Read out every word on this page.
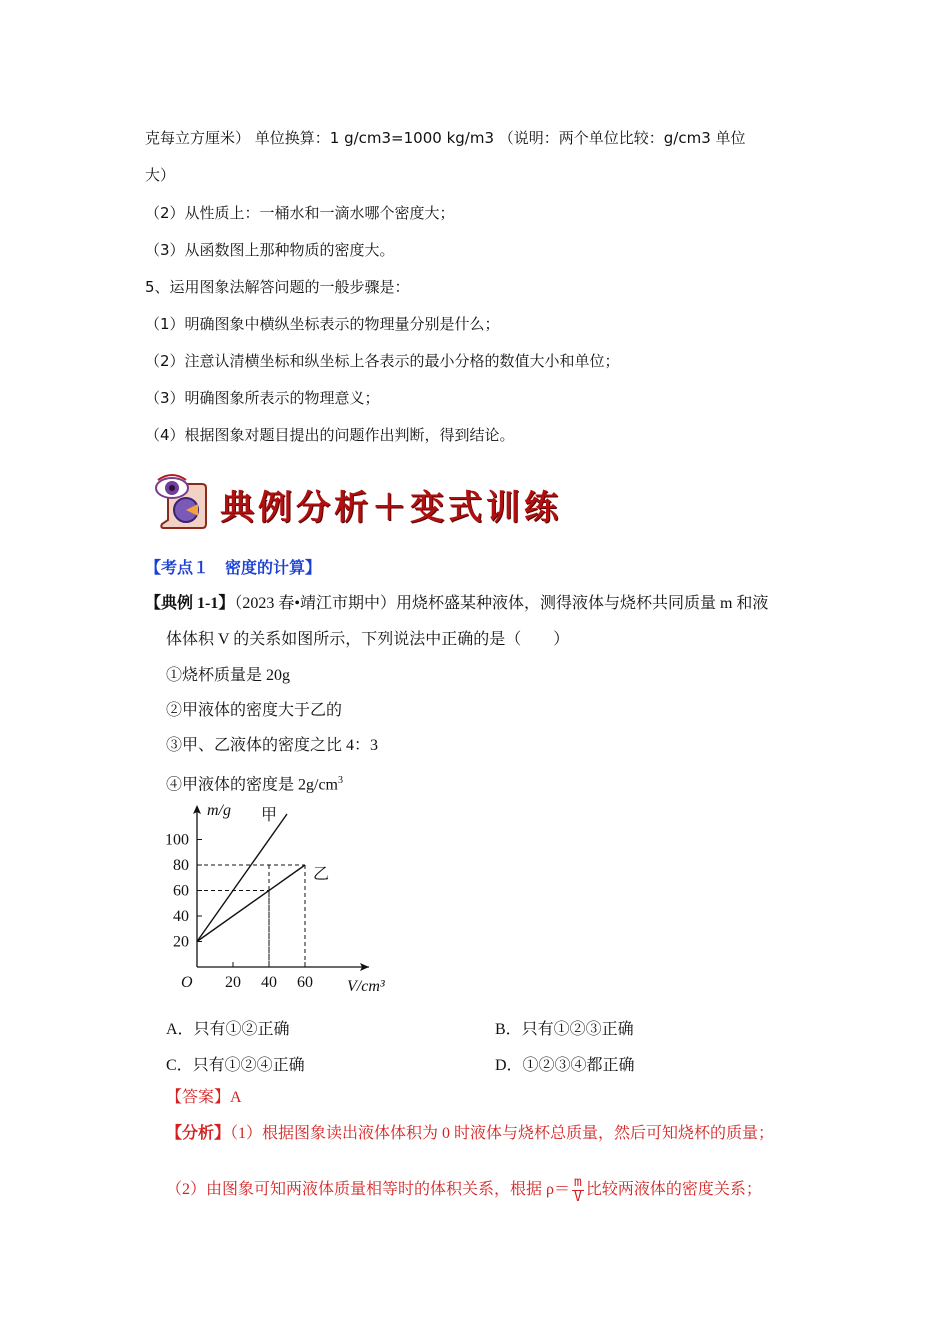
克每立方厘米） 单位换算：1 g/cm3=1000 kg/m3 （说明：两个单位比较：g/cm3 单位
大）
（2）从性质上：一桶水和一滴水哪个密度大；
（3）从函数图上那种物质的密度大。
5、运用图象法解答问题的一般步骤是：
（1）明确图象中横纵坐标表示的物理量分别是什么；
（2）注意认清横坐标和纵坐标上各表示的最小分格的数值大小和单位；
（3）明确图象所表示的物理意义；
（4）根据图象对题目提出的问题作出判断，得到结论。
典例分析＋变式训练
【考点１　密度的计算】
【典例 1-1】（2023 春•靖江市期中）用烧杯盛某种液体，测得液体与烧杯共同质量 m 和液
体体积 V 的关系如图所示，下列说法中正确的是（　　）
①烧杯质量是 20g
②甲液体的密度大于乙的
③甲、乙液体的密度之比 4：3
④甲液体的密度是 $2g/cm^3$
20
40
60
80
100
20 40 60
O
甲
乙
m/g
V/cm³
A．只有①②正确	B．只有①②③正确
C．只有①②④正确	D．①②③④都正确
【答案】A
【分析】（1）根据图象读出液体体积为 0 时液体与烧杯总质量，然后可知烧杯的质量；
（2）由图象可知两液体质量相等时的体积关系，根据 $\rho= \frac{m}{V}$ 比较两液体的密度关系；
